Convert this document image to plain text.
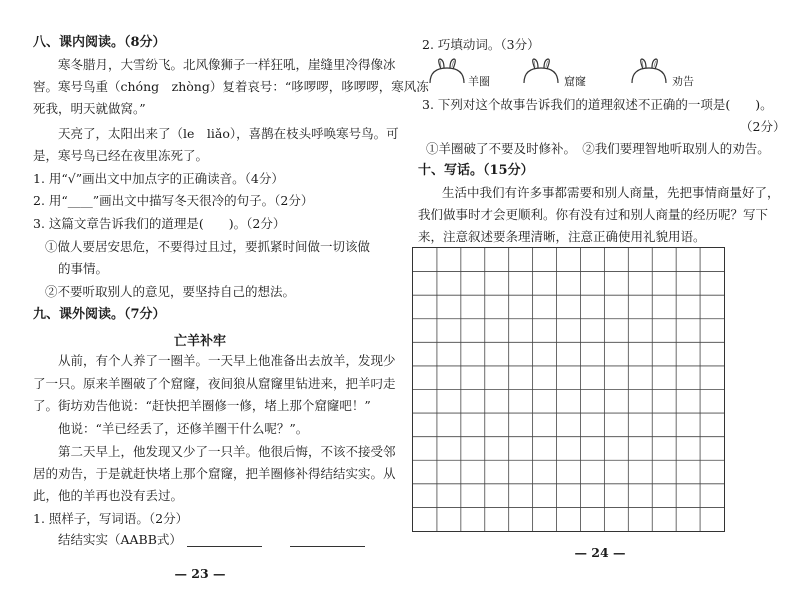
八、课内阅读。（8分）
寒冬腊月，大雪纷飞。北风像狮子一样狂吼，崖缝里冷得像冰
窖。寒号鸟重（chóng　zhòng）复着哀号：“哆啰啰，哆啰啰，寒风冻
死我，明天就做窝。”
天亮了，太阳出来了（le　liǎo），喜鹊在枝头呼唤寒号鸟。可
是，寒号鸟已经在夜里冻死了。
1. 用“√”画出文中加点字的正确读音。（4分）
2. 用“____”画出文中描写冬天很冷的句子。（2分）
3. 这篇文章告诉我们的道理是(　　)。（2分）
①做人要居安思危，不要得过且过，要抓紧时间做一切该做
的事情。
②不要听取别人的意见，要坚持自己的想法。
九、课外阅读。（7分）
亡羊补牢
从前，有个人养了一圈羊。一天早上他准备出去放羊，发现少
了一只。原来羊圈破了个窟窿，夜间狼从窟窿里钻进来，把羊叼走
了。街坊劝告他说：“赶快把羊圈修一修，堵上那个窟窿吧！”
他说：“羊已经丢了，还修羊圈干什么呢？”。
第二天早上，他发现又少了一只羊。他很后悔，不该不接受邻
居的劝告，于是就赶快堵上那个窟窿，把羊圈修补得结结实实。从
此，他的羊再也没有丢过。
1. 照样子，写词语。（2分）
结结实实（AABB式）
— 23 —
2. 巧填动词。（3分）
羊圈	窟窿	劝告
3. 下列对这个故事告诉我们的道理叙述不正确的一项是(　　)。
（2分）
①羊圈破了不要及时修补。　②我们要理智地听取别人的劝告。
十、写话。（15分）
生活中我们有许多事都需要和别人商量，先把事情商量好了，
我们做事时才会更顺利。你有没有过和别人商量的经历呢？写下
来，注意叙述要条理清晰，注意正确使用礼貌用语。
— 24 —
